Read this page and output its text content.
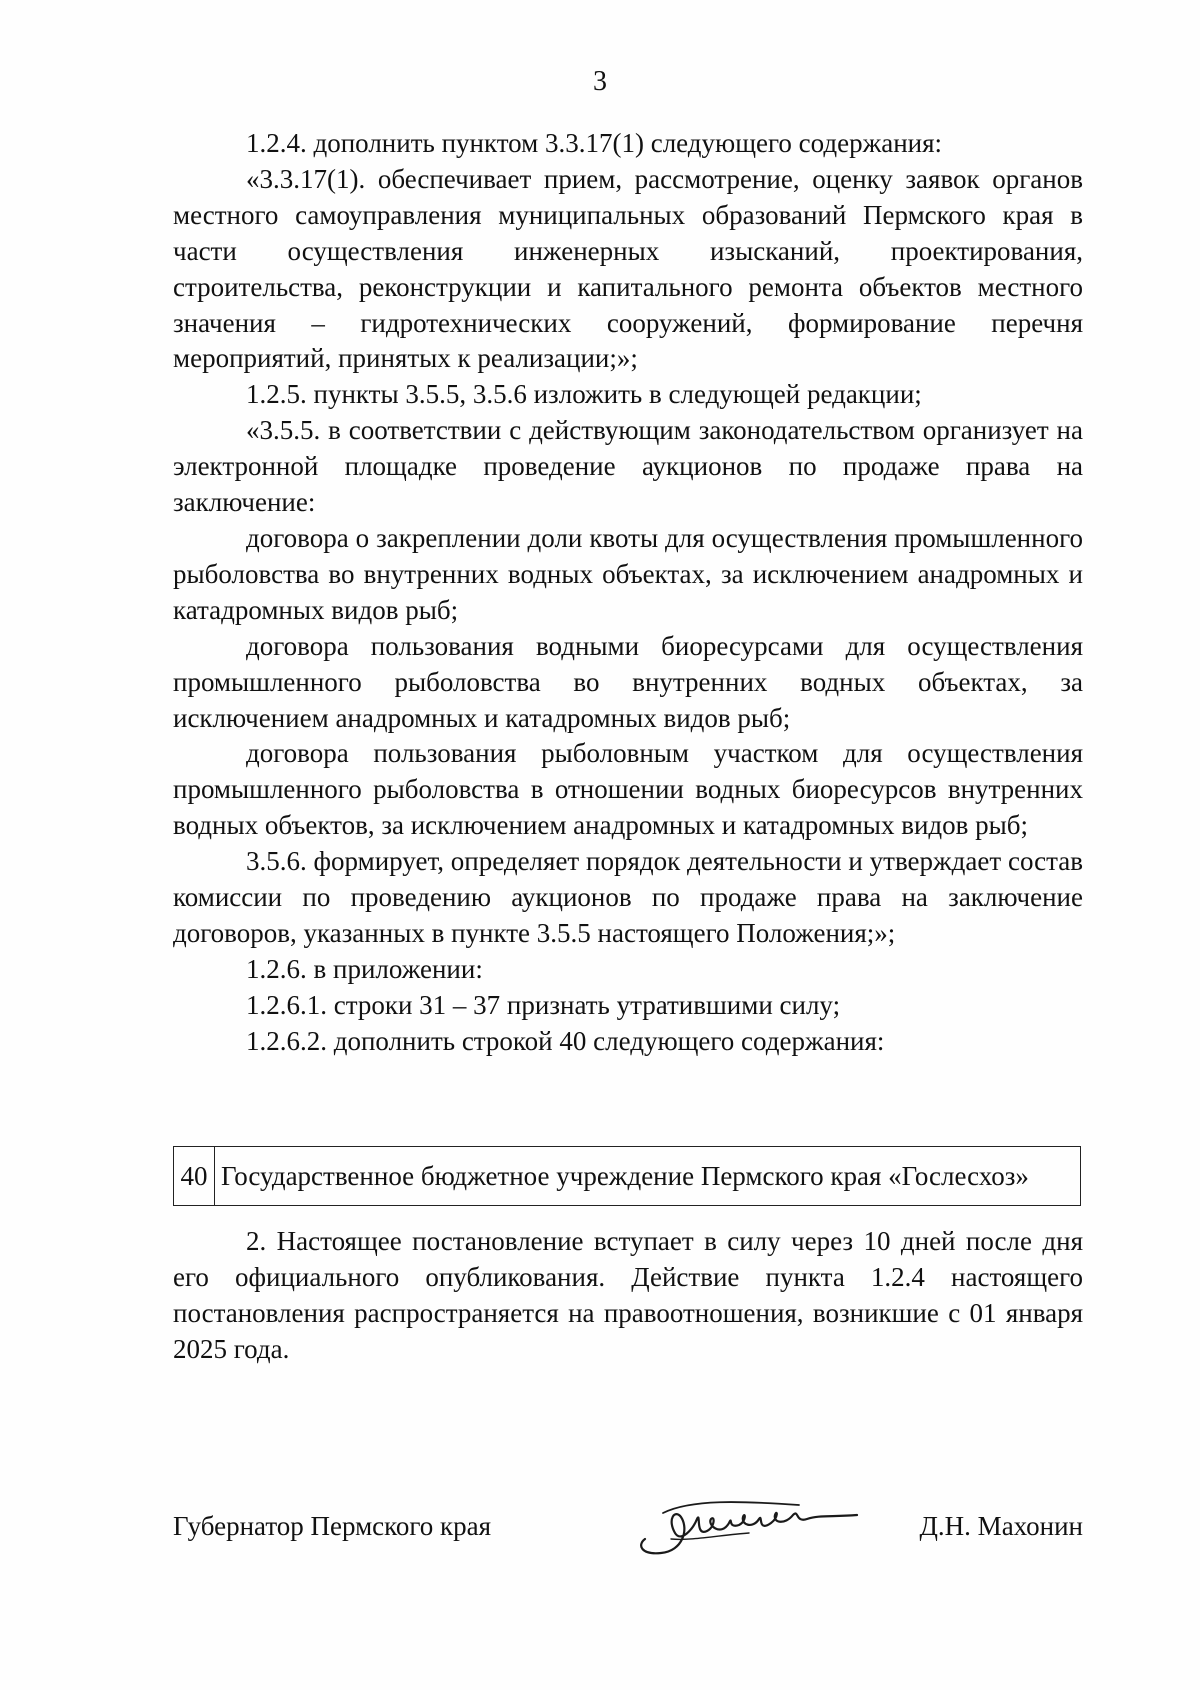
3

1.2.4. дополнить пунктом 3.3.17(1) следующего содержания:

«3.3.17(1). обеспечивает прием, рассмотрение, оценку заявок органов местного самоуправления муниципальных образований Пермского края в части осуществления инженерных изысканий, проектирования, строительства, реконструкции и капитального ремонта объектов местного значения – гидротехнических сооружений, формирование перечня мероприятий, принятых к реализации;»;

1.2.5. пункты 3.5.5, 3.5.6 изложить в следующей редакции;

«3.5.5. в соответствии с действующим законодательством организует на электронной площадке проведение аукционов по продаже права на заключение:

договора о закреплении доли квоты для осуществления промышленного рыболовства во внутренних водных объектах, за исключением анадромных и катадромных видов рыб;

договора пользования водными биоресурсами для осуществления промышленного рыболовства во внутренних водных объектах, за исключением анадромных и катадромных видов рыб;

договора пользования рыболовным участком для осуществления промышленного рыболовства в отношении водных биоресурсов внутренних водных объектов, за исключением анадромных и катадромных видов рыб;

3.5.6. формирует, определяет порядок деятельности и утверждает состав комиссии по проведению аукционов по продаже права на заключение договоров, указанных в пункте 3.5.5 настоящего Положения;»;

1.2.6. в приложении:

1.2.6.1. строки 31 – 37 признать утратившими силу;

1.2.6.2. дополнить строкой 40 следующего содержания:

40	Государственное бюджетное учреждение Пермского края «Гослесхоз»

2. Настоящее постановление вступает в силу через 10 дней после дня его официального опубликования. Действие пункта 1.2.4 настоящего постановления распространяется на правоотношения, возникшие с 01 января 2025 года.

Губернатор Пермского края	Д.Н. Махонин
